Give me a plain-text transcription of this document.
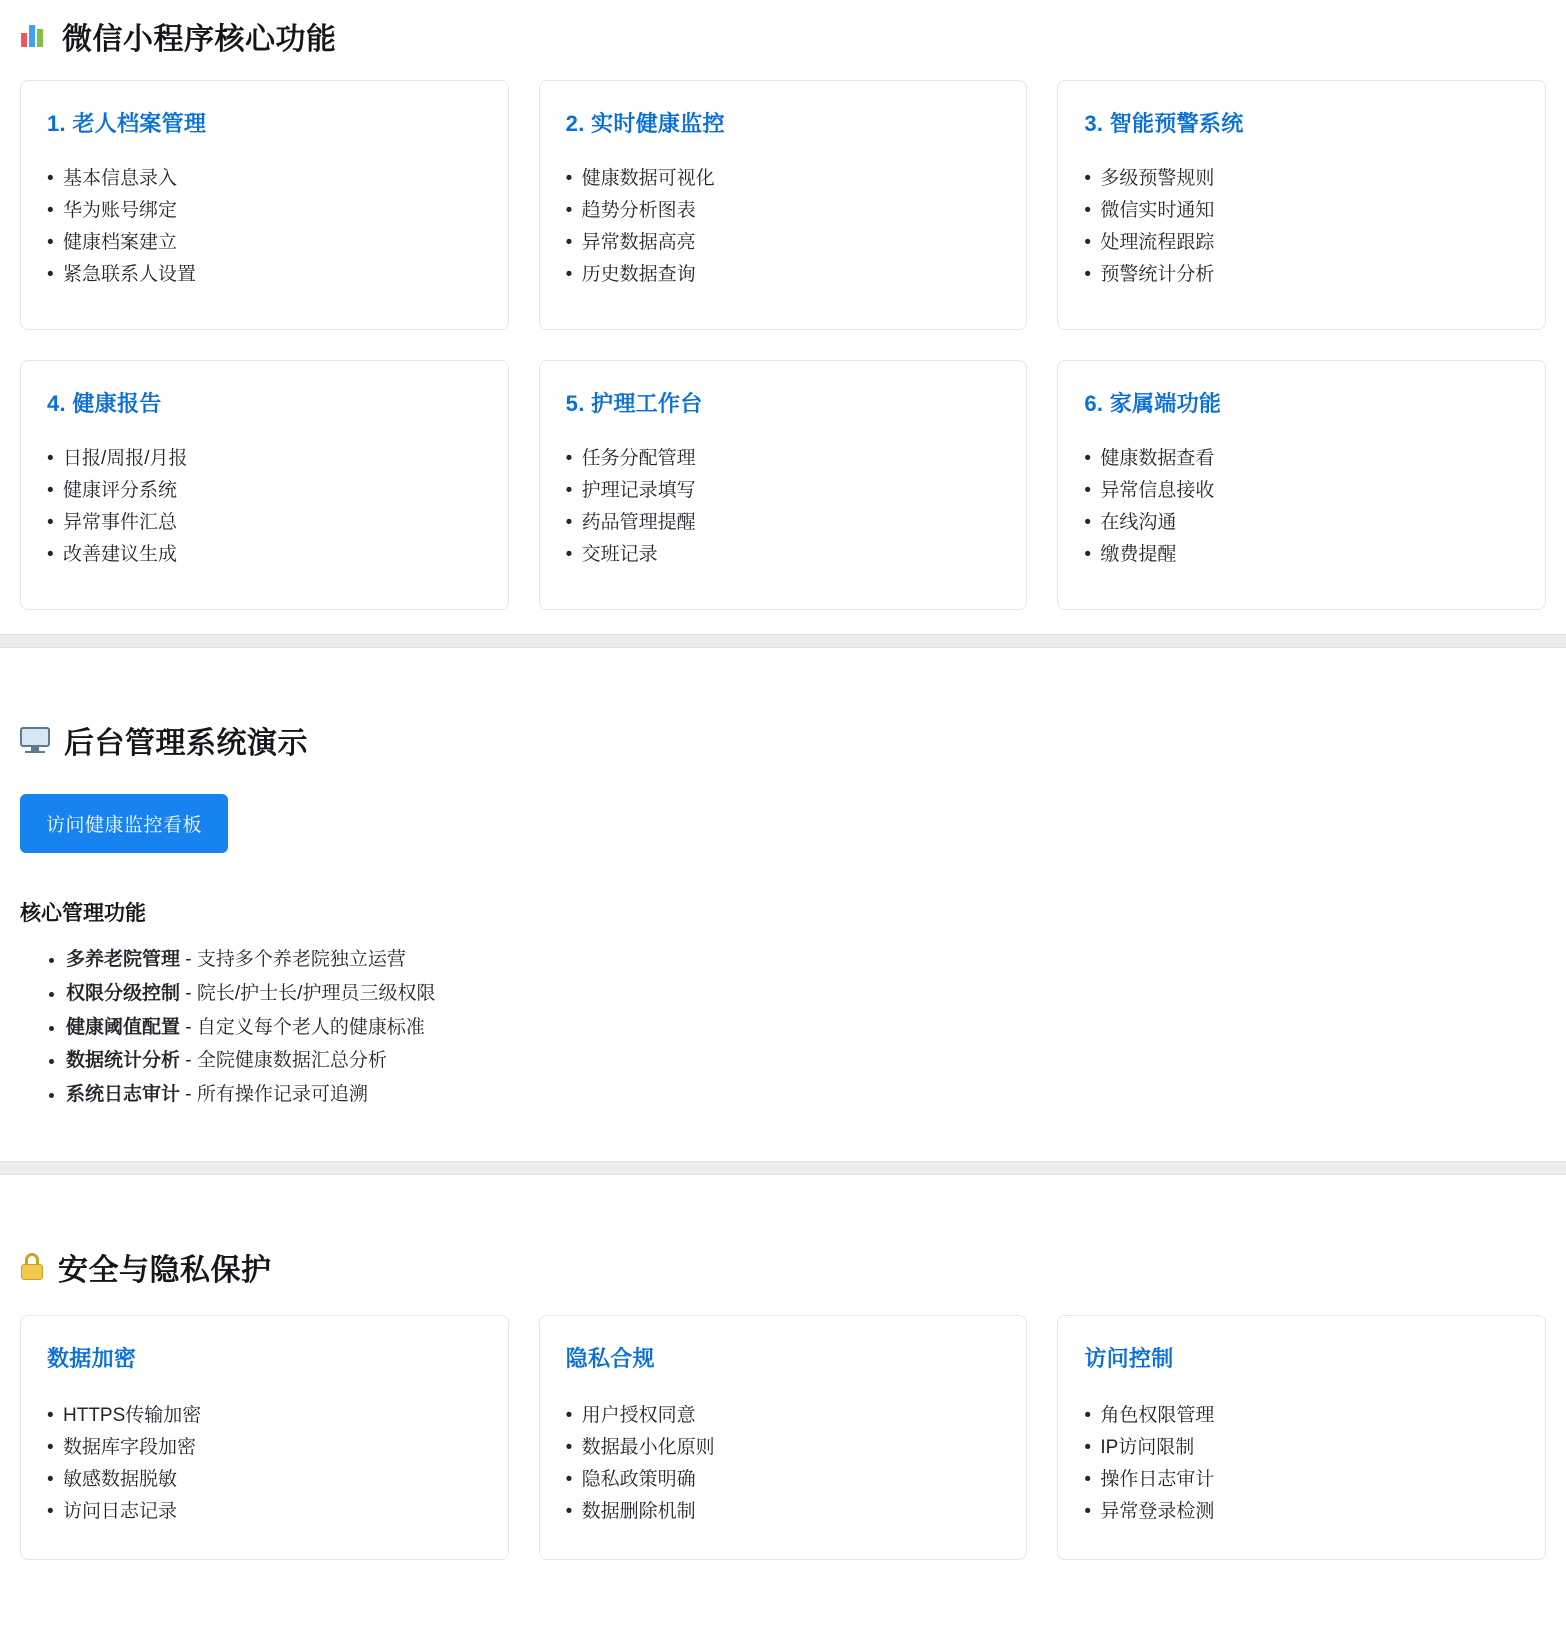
微信小程序核心功能
1. 老人档案管理
• 基本信息录入
• 华为账号绑定
• 健康档案建立
• 紧急联系人设置
2. 实时健康监控
• 健康数据可视化
• 趋势分析图表
• 异常数据高亮
• 历史数据查询
3. 智能预警系统
• 多级预警规则
• 微信实时通知
• 处理流程跟踪
• 预警统计分析
4. 健康报告
• 日报/周报/月报
• 健康评分系统
• 异常事件汇总
• 改善建议生成
5. 护理工作台
• 任务分配管理
• 护理记录填写
• 药品管理提醒
• 交班记录
6. 家属端功能
• 健康数据查看
• 异常信息接收
• 在线沟通
• 缴费提醒
后台管理系统演示
访问健康监控看板
核心管理功能
• 多养老院管理 - 支持多个养老院独立运营
• 权限分级控制 - 院长/护士长/护理员三级权限
• 健康阈值配置 - 自定义每个老人的健康标准
• 数据统计分析 - 全院健康数据汇总分析
• 系统日志审计 - 所有操作记录可追溯
安全与隐私保护
数据加密
• HTTPS传输加密
• 数据库字段加密
• 敏感数据脱敏
• 访问日志记录
隐私合规
• 用户授权同意
• 数据最小化原则
• 隐私政策明确
• 数据删除机制
访问控制
• 角色权限管理
• IP访问限制
• 操作日志审计
• 异常登录检测
